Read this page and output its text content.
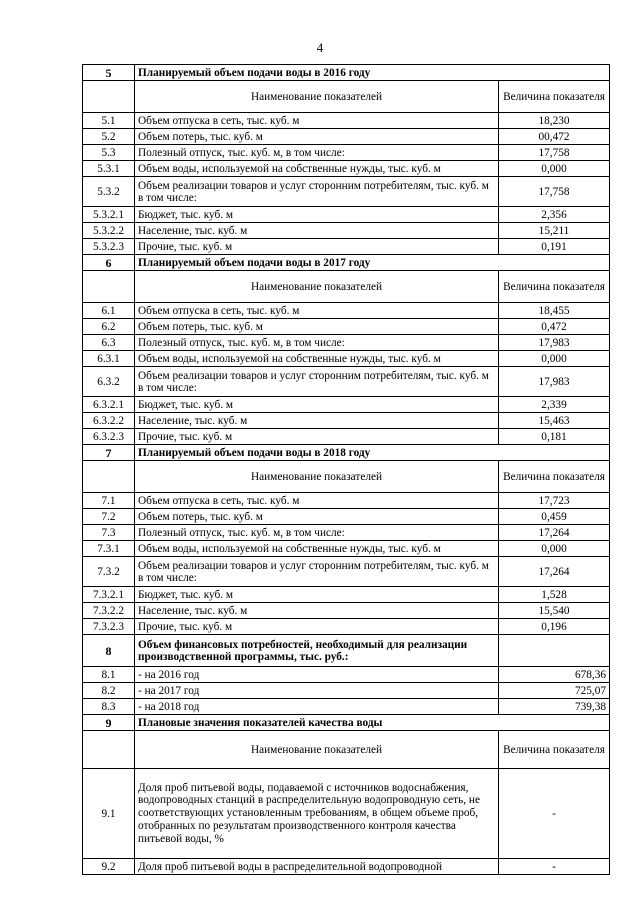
4
5	Планируемый объем подачи воды в 2016 году	
	Наименование показателей	Величина показателя
5.1	Объем отпуска в сеть, тыс. куб. м	18,230
5.2	Объем потерь, тыс. куб. м	00,472
5.3	Полезный отпуск, тыс. куб. м, в том числе:	17,758
5.3.1	Объем воды, используемой на собственные нужды, тыс. куб. м	0,000
5.3.2	Объем реализации товаров и услуг сторонним потребителям, тыс. куб. м в том числе:	17,758
5.3.2.1	Бюджет, тыс. куб. м	2,356
5.3.2.2	Население, тыс. куб. м	15,211
5.3.2.3	Прочие, тыс. куб. м	0,191
6	Планируемый объем подачи воды в 2017 году	
	Наименование показателей	Величина показателя
6.1	Объем отпуска в сеть, тыс. куб. м	18,455
6.2	Объем потерь, тыс. куб. м	0,472
6.3	Полезный отпуск, тыс. куб. м, в том числе:	17,983
6.3.1	Объем воды, используемой на собственные нужды, тыс. куб. м	0,000
6.3.2	Объем реализации товаров и услуг сторонним потребителям, тыс. куб. м в том числе:	17,983
6.3.2.1	Бюджет, тыс. куб. м	2,339
6.3.2.2	Население, тыс. куб. м	15,463
6.3.2.3	Прочие, тыс. куб. м	0,181
7	Планируемый объем подачи воды в 2018 году	
	Наименование показателей	Величина показателя
7.1	Объем отпуска в сеть, тыс. куб. м	17,723
7.2	Объем потерь, тыс. куб. м	0,459
7.3	Полезный отпуск, тыс. куб. м, в том числе:	17,264
7.3.1	Объем воды, используемой на собственные нужды, тыс. куб. м	0,000
7.3.2	Объем реализации товаров и услуг сторонним потребителям, тыс. куб. м в том числе:	17,264
7.3.2.1	Бюджет, тыс. куб. м	1,528
7.3.2.2	Население, тыс. куб. м	15,540
7.3.2.3	Прочие, тыс. куб. м	0,196
8	Объем финансовых потребностей, необходимый для реализации производственной программы, тыс. руб.:	
8.1	- на 2016 год	678,36
8.2	- на 2017 год	725,07
8.3	- на 2018 год	739,38
9	Плановые значения показателей качества воды	
	Наименование показателей	Величина показателя
9.1	Доля проб питьевой воды, подаваемой с источников водоснабжения, водопроводных станций в распределительную водопроводную сеть, не соответствующих установленным требованиям, в общем объеме проб, отобранных по результатам производственного контроля качества питьевой воды, %	-
9.2	Доля проб питьевой воды в распределительной водопроводной	-
